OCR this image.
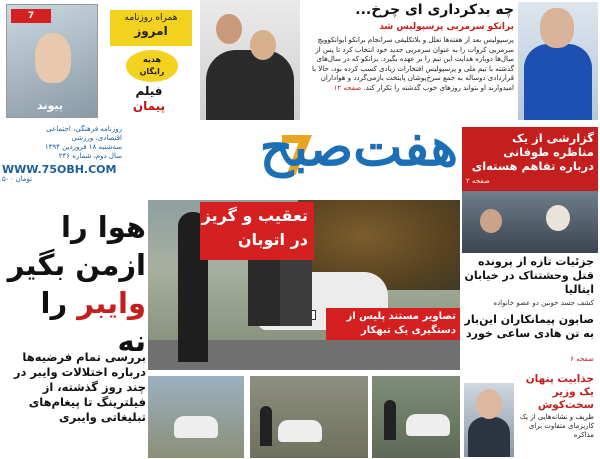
7
پیوند
همراه روزنامه
امروز
هدیه
رایگان
فیلم
پیمان
چه بدکرداری ای چرخ...
برانکو سرمربی پرسپولیس شد
پرسپولیس بعد از هفته‌ها تعلل و بلاتکلیفی سرانجام برانکو ایوانکوویچ سرمربی کروات را به عنوان سرمربی جدید خود انتخاب کرد تا پس از سال‌ها دوباره هدایت این تیم را بر عهده بگیرد. برانکو که در سال‌های گذشته با تیم ملی و پرسپولیس افتخارات زیادی کسب کرده بود، حالا با قراردادی دوساله به جمع سرخ‌پوشان پایتخت بازمی‌گردد و هواداران امیدوارند او بتواند روزهای خوب گذشته را تکرار کند. صفحه ۱۲
روزنامه فرهنگی، اجتماعی
اقتصادی، ورزشی
سه‌شنبه ۱۸ فروردین ۱۳۹۴
سال دوم، شماره ۲۴۶
WWW.75OBH.COM
۵۰۰ تومان
هفت‌صبح	گزارشی از یک مناظره طوفانی درباره تفاهم هسته‌ای
صفحه ۲
جزئیات تازه از پرونده قتل وحشتناک در خیابان ایتالیا
کشف جسد خونین دو عضو خانواده
صابون پیمانکاران این‌بار به تن هادی ساعی خورد
صفحه ۶
جذابیت پنهان یک وزیر سخت‌کوش
ظریف و نشانه‌هایی از یک کاریزمای متفاوت برای مذاکره
تعقیب و گریز در اتوبان
تصاویر مستند پلیس از دستگیری یک تبهکار
هوا را
ازمن بگیر
وایبر را نه
بررسی تمام فرضیه‌ها درباره اختلالات وایبر در چند روز گذشته، از فیلترینگ تا پیغام‌های تبلیغاتی وایبری
